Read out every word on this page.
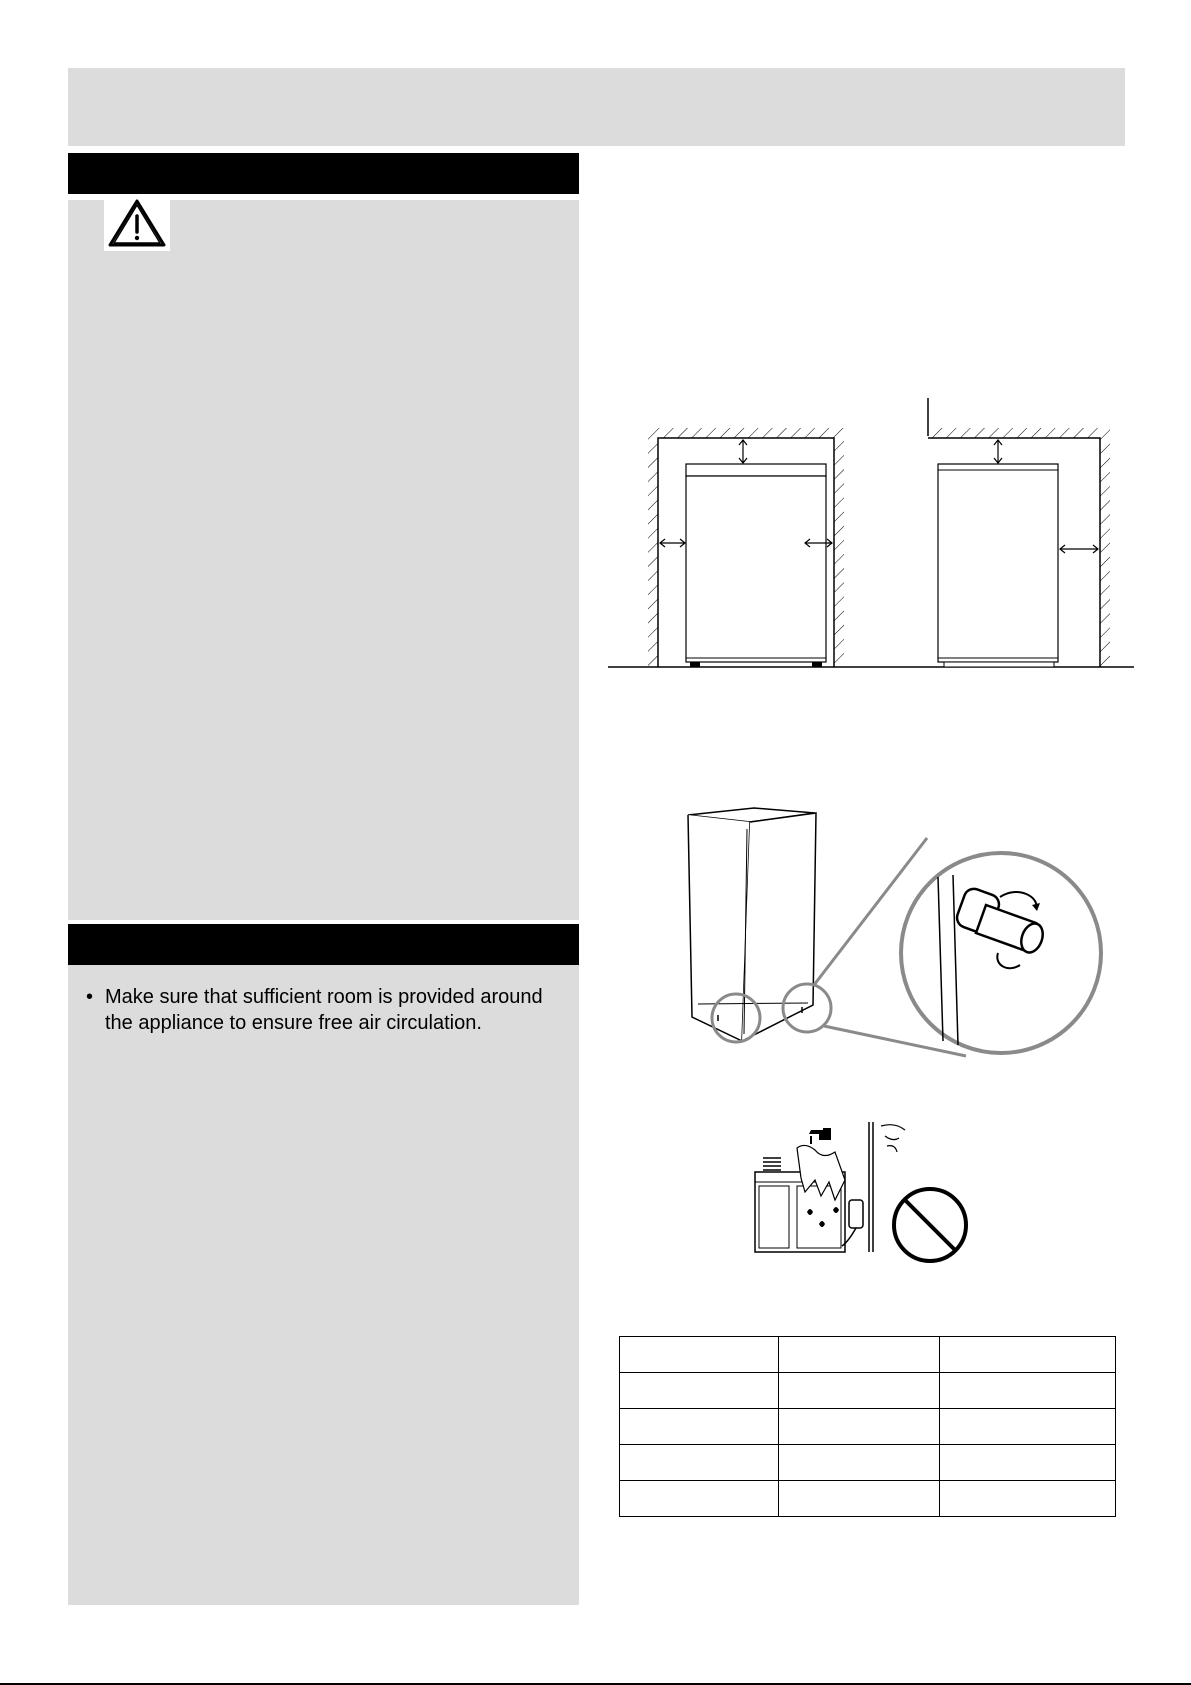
• Make sure that sufficient room is provided around the appliance to ensure free air circulation.
